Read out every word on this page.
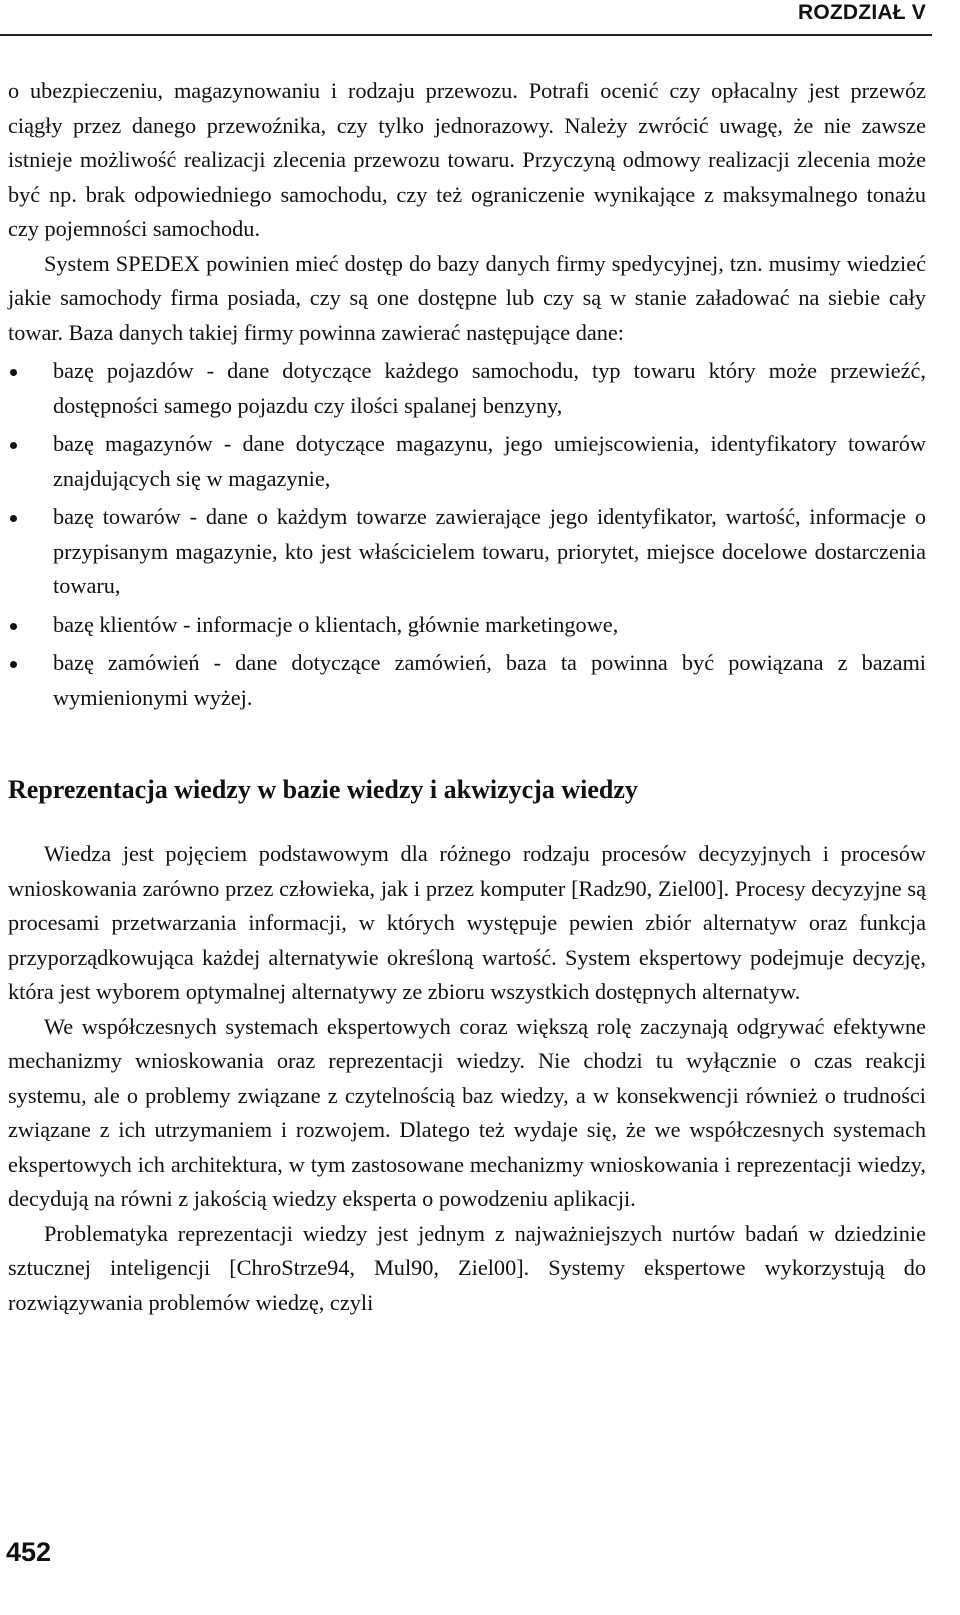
ROZDZIAŁ V

o ubezpieczeniu, magazynowaniu i rodzaju przewozu. Potrafi ocenić czy opłacalny jest przewóz ciągły przez danego przewoźnika, czy tylko jednorazowy. Należy zwrócić uwagę, że nie zawsze istnieje możliwość realizacji zlecenia przewozu towaru. Przyczyną odmowy realizacji zlecenia może być np. brak odpowiedniego samochodu, czy też ograniczenie wynikające z maksymalnego tonażu czy pojemności samochodu.

System SPEDEX powinien mieć dostęp do bazy danych firmy spedycyjnej, tzn. musimy wiedzieć jakie samochody firma posiada, czy są one dostępne lub czy są w stanie załadować na siebie cały towar. Baza danych takiej firmy powinna zawierać następujące dane:

bazę pojazdów - dane dotyczące każdego samochodu, typ towaru który może przewieźć, dostępności samego pojazdu czy ilości spalanej benzyny,
bazę magazynów - dane dotyczące magazynu, jego umiejscowienia, identyfikatory towarów znajdujących się w magazynie,
bazę towarów - dane o każdym towarze zawierające jego identyfikator, wartość, informacje o przypisanym magazynie, kto jest właścicielem towaru, priorytet, miejsce docelowe dostarczenia towaru,
bazę klientów - informacje o klientach, głównie marketingowe,
bazę zamówień - dane dotyczące zamówień, baza ta powinna być powiązana z bazami wymienionymi wyżej.
Reprezentacja wiedzy w bazie wiedzy i akwizycja wiedzy

Wiedza jest pojęciem podstawowym dla różnego rodzaju procesów decyzyjnych i procesów wnioskowania zarówno przez człowieka, jak i przez komputer [Radz90, Ziel00]. Procesy decyzyjne są procesami przetwarzania informacji, w których występuje pewien zbiór alternatyw oraz funkcja przyporządkowująca każdej alternatywie określoną wartość. System ekspertowy podejmuje decyzję, która jest wyborem optymalnej alternatywy ze zbioru wszystkich dostępnych alternatyw.

We współczesnych systemach ekspertowych coraz większą rolę zaczynają odgrywać efektywne mechanizmy wnioskowania oraz reprezentacji wiedzy. Nie chodzi tu wyłącznie o czas reakcji systemu, ale o problemy związane z czytelnością baz wiedzy, a w konsekwencji również o trudności związane z ich utrzymaniem i rozwojem. Dlatego też wydaje się, że we współczesnych systemach ekspertowych ich architektura, w tym zastosowane mechanizmy wnioskowania i reprezentacji wiedzy, decydują na równi z jakością wiedzy eksperta o powodzeniu aplikacji.

Problematyka reprezentacji wiedzy jest jednym z najważniejszych nurtów badań w dziedzinie sztucznej inteligencji [ChroStrze94, Mul90, Ziel00]. Systemy ekspertowe wykorzystują do rozwiązywania problemów wiedzę, czyli

452
